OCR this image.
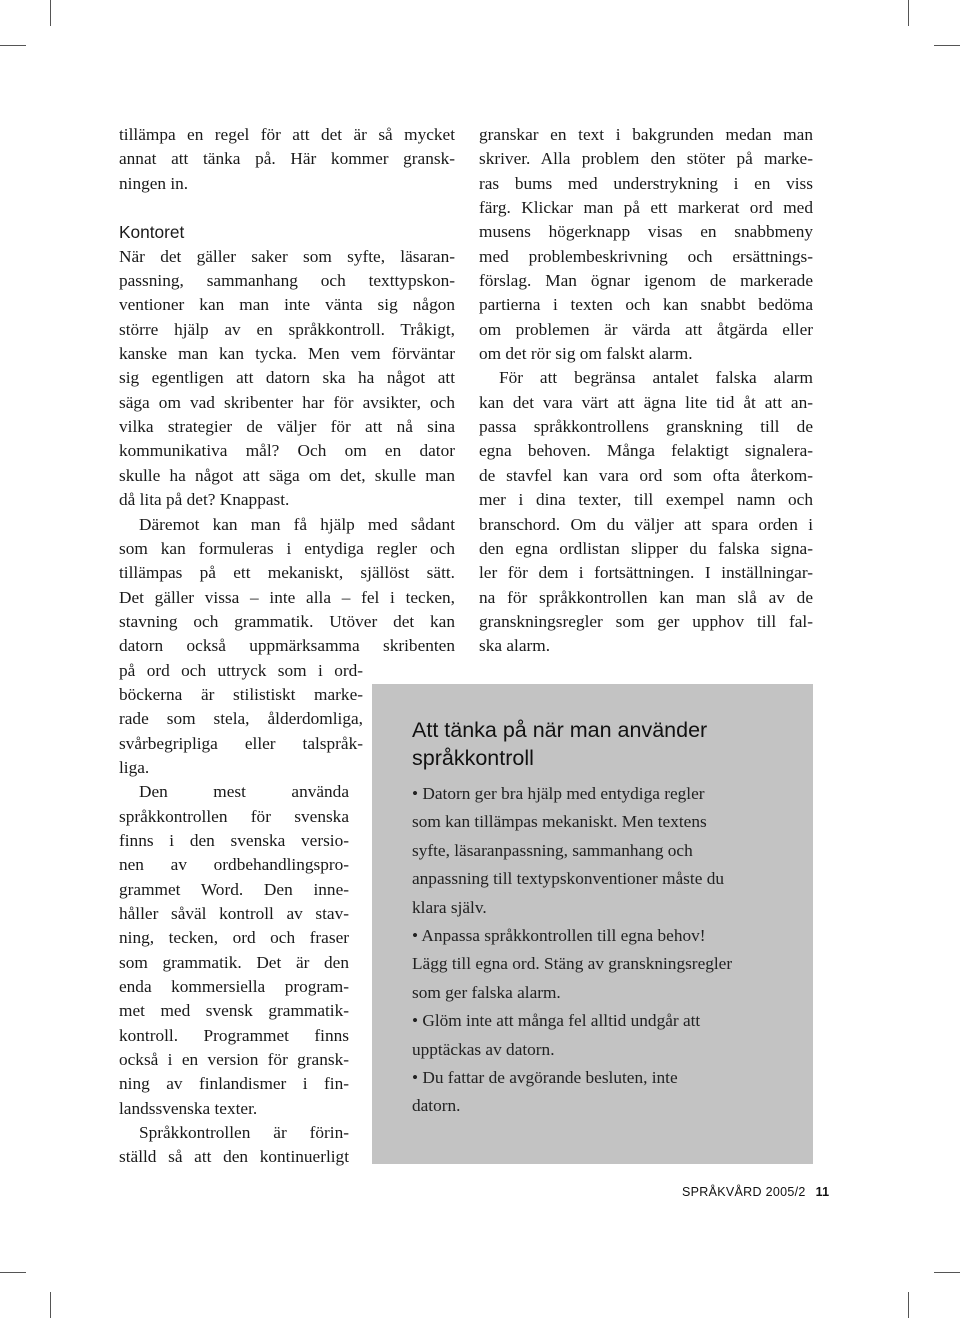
tillämpa en regel för att det är så mycket
annat att tänka på. Här kommer gransk-
ningen in.

Kontoret

När det gäller saker som syfte, läsaran-
passning, sammanhang och texttypskon-
ventioner kan man inte vänta sig någon
större hjälp av en språkkontroll. Tråkigt,
kanske man kan tycka. Men vem förväntar
sig egentligen att datorn ska ha något att
säga om vad skribenter har för avsikter, och
vilka strategier de väljer för att nå sina
kommunikativa mål? Och om en dator
skulle ha något att säga om det, skulle man
då lita på det? Knappast.

Däremot kan man få hjälp med sådant
som kan formuleras i entydiga regler och
tillämpas på ett mekaniskt, själlöst sätt.
Det gäller vissa – inte alla – fel i tecken,
stavning och grammatik. Utöver det kan
datorn också uppmärksamma skribenten
på ord och uttryck som i ord-
böckerna är stilistiskt marke-
rade som stela, ålderdomliga,
svårbegripliga eller talspråk-
liga.

Den mest använda
språkkontrollen för svenska
finns i den svenska versio-
nen av ordbehandlingspro-
grammet Word. Den inne-
håller såväl kontroll av stav-
ning, tecken, ord och fraser
som grammatik. Det är den
enda kommersiella program-
met med svensk grammatik-
kontroll. Programmet finns
också i en version för gransk-
ning av finlandismer i fin-
landssvenska texter.

Språkkontrollen är förin-
ställd så att den kontinuerligt

granskar en text i bakgrunden medan man
skriver. Alla problem den stöter på marke-
ras bums med understrykning i en viss
färg. Klickar man på ett markerat ord med
musens högerknapp visas en snabbmeny
med problembeskrivning och ersättnings-
förslag. Man ögnar igenom de markerade
partierna i texten och kan snabbt bedöma
om problemen är värda att åtgärda eller
om det rör sig om falskt alarm.

För att begränsa antalet falska alarm
kan det vara värt att ägna lite tid åt att an-
passa språkkontrollens granskning till de
egna behoven. Många felaktigt signalera-
de stavfel kan vara ord som ofta återkom-
mer i dina texter, till exempel namn och
branschord. Om du väljer att spara orden i
den egna ordlistan slipper du falska signa-
ler för dem i fortsättningen. I inställningar-
na för språkkontrollen kan man slå av de
granskningsregler som ger upphov till fal-
ska alarm.

Att tänka på när man använder
språkkontroll

• Datorn ger bra hjälp med entydiga regler
som kan tillämpas mekaniskt. Men textens
syfte, läsaranpassning, sammanhang och
anpassning till textypskonventioner måste du
klara själv.

• Anpassa språkkontrollen till egna behov!
Lägg till egna ord. Stäng av granskningsregler
som ger falska alarm.

• Glöm inte att många fel alltid undgår att
upptäckas av datorn.

• Du fattar de avgörande besluten, inte
datorn.

SPRÅKVÅRD 2005/2 11
